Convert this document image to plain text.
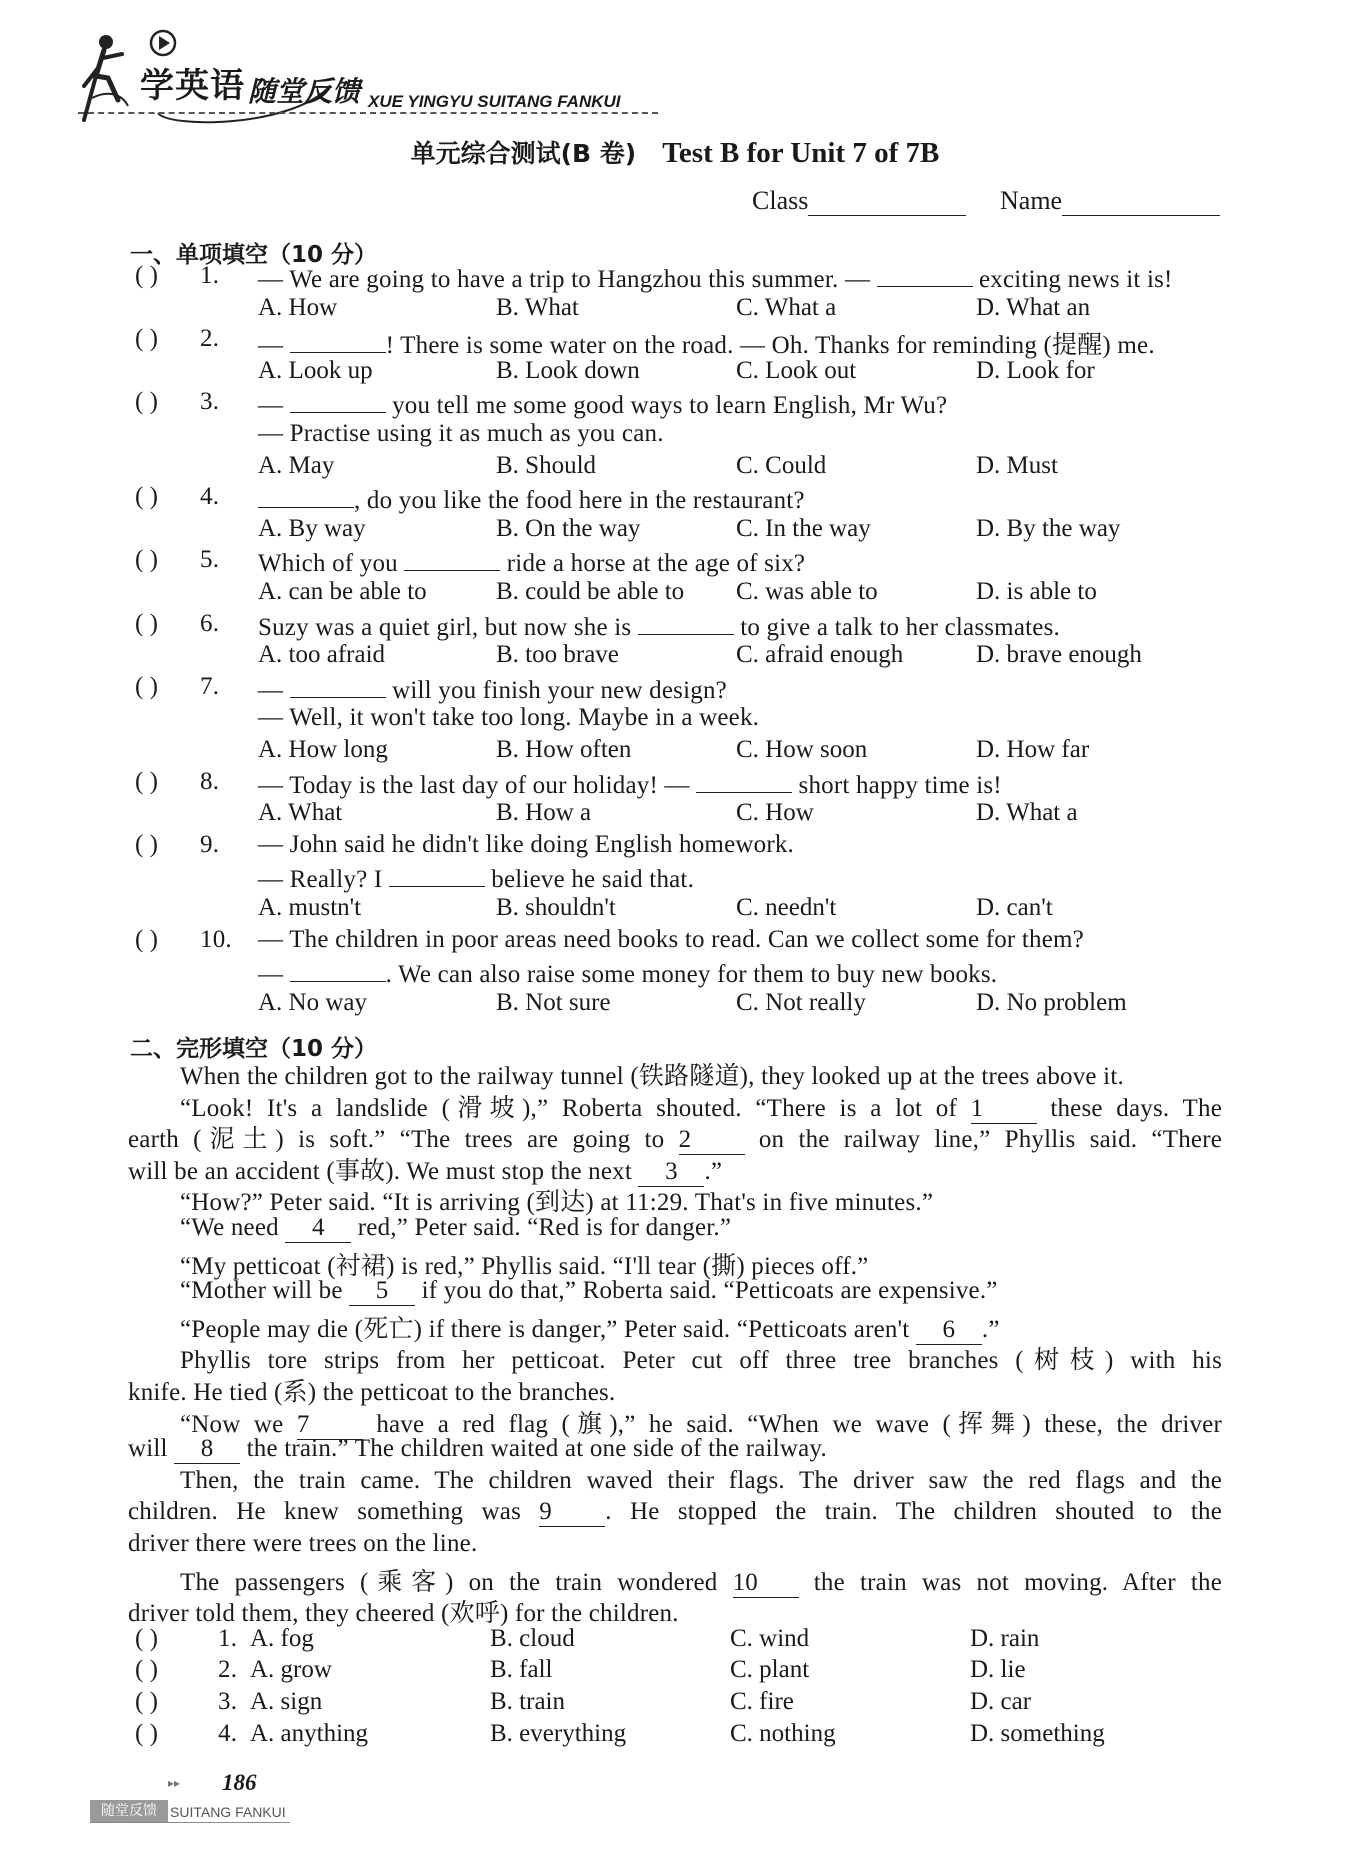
学英语 随堂反馈 XUE YINGYU SUITANG FANKUI
单元综合测试(B 卷) Test B for Unit 7 of 7B
Class	Name
一、单项填空（10 分）
( ) 1. — We are going to have a trip to Hangzhou this summer. —	exciting news it is!
A. How	B. What	C. What a	D. What an
( ) 2. —	! There is some water on the road. — Oh. Thanks for reminding (提醒) me.
A. Look up	B. Look down	C. Look out	D. Look for
( ) 3. —	you tell me some good ways to learn English, Mr Wu?
— Practise using it as much as you can.
A. May	B. Should	C. Could	D. Must
( ) 4.	, do you like the food here in the restaurant?
A. By way	B. On the way	C. In the way	D. By the way
( ) 5. Which of you	ride a horse at the age of six?
A. can be able to	B. could be able to C. was able to	D. is able to
( ) 6. Suzy was a quiet girl, but now she is	to give a talk to her classmates.
A. too afraid	B. too brave	C. afraid enough	D. brave enough
( ) 7. —	will you finish your new design?
— Well, it won't take too long. Maybe in a week.
A. How long	B. How often	C. How soon	D. How far
( ) 8. — Today is the last day of our holiday! —	short happy time is!
A. What	B. How a	C. How	D. What a
( ) 9. — John said he didn't like doing English homework.
— Really? I	believe he said that.
A. mustn't	B. shouldn't	C. needn't	D. can't
( ) 10. — The children in poor areas need books to read. Can we collect some for them?
—	. We can also raise some money for them to buy new books.
A. No way	B. Not sure	C. Not really	D. No problem
二、完形填空（10 分）
When the children got to the railway tunnel (铁路隧道), they looked up at the trees above it.
“Look! It's a landslide (滑坡),” Roberta shouted. “There is a lot of 1	these days. The
earth (泥土) is soft.” “The trees are going to 2	on the railway line,” Phyllis said. “There
will be an accident (事故). We must stop the next 3 .”
“How?” Peter said. “It is arriving (到达) at 11:29. That's in five minutes.”
“We need 4 red,” Peter said. “Red is for danger.”
“My petticoat (衬裙) is red,” Phyllis said. “I'll tear (撕) pieces off.”
“Mother will be 5 if you do that,” Roberta said. “Petticoats are expensive.”
“People may die (死亡) if there is danger,” Peter said. “Petticoats aren't 6 .”
Phyllis tore strips from her petticoat. Peter cut off three tree branches (树枝) with his
knife. He tied (系) the petticoat to the branches.
“Now we 7	have a red flag (旗),” he said. “When we wave (挥舞) these, the driver
will 8 the train.” The children waited at one side of the railway.
Then, the train came. The children waved their flags. The driver saw the red flags and the
children. He knew something was 9 . He stopped the train. The children shouted to the
driver there were trees on the line.
The passengers (乘客) on the train wondered 10 the train was not moving. After the
driver told them, they cheered (欢呼) for the children.
( ) 1. A. fog	B. cloud	C. wind	D. rain
( ) 2. A. grow	B. fall	C. plant	D. lie
( ) 3. A. sign	B. train	C. fire	D. car
( ) 4. A. anything	B. everything	C. nothing	D. something
▸▸ 186
随堂反馈 SUITANG FANKUI
